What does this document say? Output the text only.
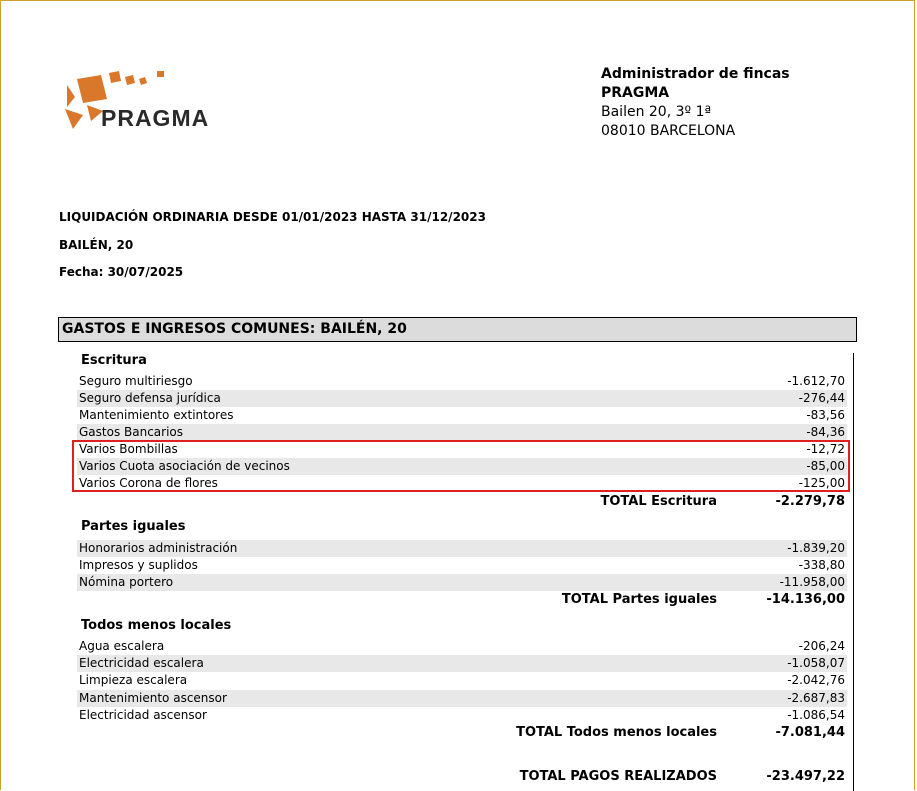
PRAGMA
Administrador de fincas
PRAGMA
Bailen 20, 3º 1ª
08010 BARCELONA
LIQUIDACIÓN ORDINARIA DESDE 01/01/2023 HASTA 31/12/2023
BAILÉN, 20
Fecha: 30/07/2025
GASTOS E INGRESOS COMUNES: BAILÉN, 20
Escritura
Seguro multiriesgo	-1.612,70
Seguro defensa jurídica	-276,44
Mantenimiento extintores	-83,56
Gastos Bancarios	-84,36
Varios Bombillas	-12,72
Varios Cuota asociación de vecinos	-85,00
Varios Corona de flores	-125,00
TOTAL Escritura	-2.279,78
Partes iguales
Honorarios administración	-1.839,20
Impresos y suplidos	-338,80
Nómina portero	-11.958,00
TOTAL Partes iguales	-14.136,00
Todos menos locales
Agua escalera	-206,24
Electricidad escalera	-1.058,07
Limpieza escalera	-2.042,76
Mantenimiento ascensor	-2.687,83
Electricidad ascensor	-1.086,54
TOTAL Todos menos locales	-7.081,44
TOTAL PAGOS REALIZADOS	-23.497,22
